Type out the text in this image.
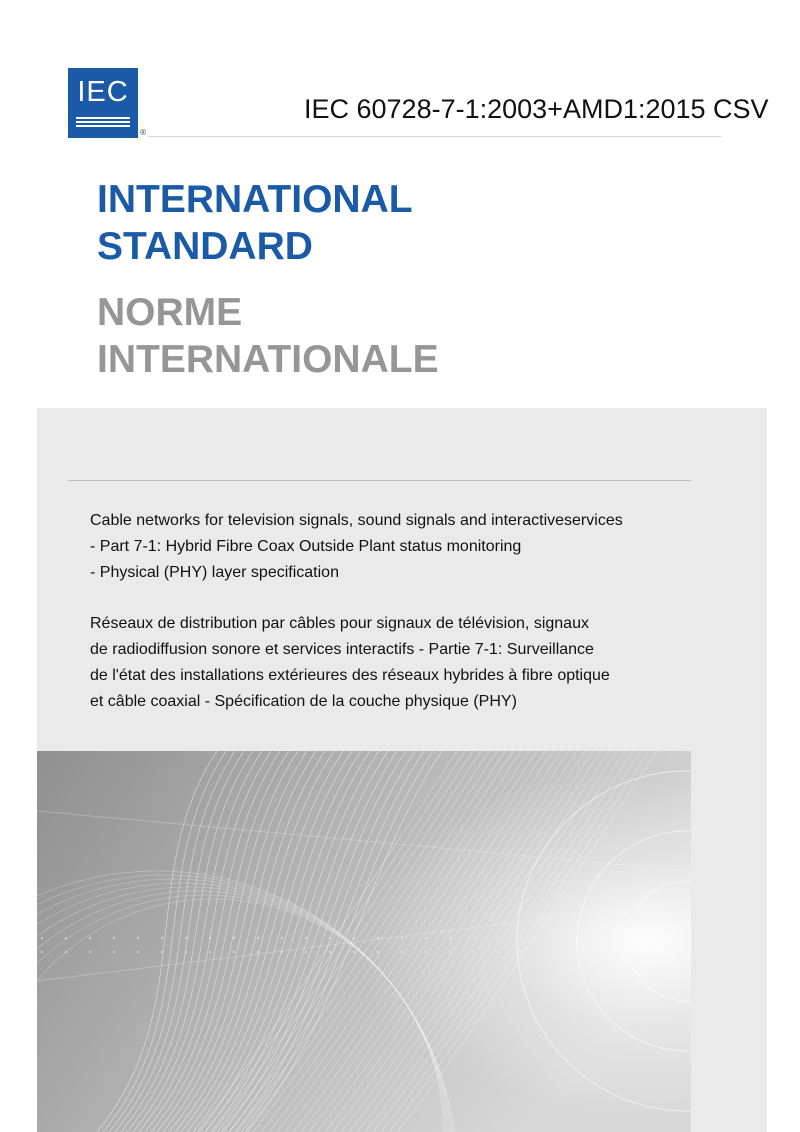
IEC
®
IEC 60728-7-1:2003+AMD1:2015 CSV
INTERNATIONAL
STANDARD
NORME
INTERNATIONALE
Cable networks for television signals, sound signals and interactiveservices
- Part 7-1: Hybrid Fibre Coax Outside Plant status monitoring
- Physical (PHY) layer specification
Réseaux de distribution par câbles pour signaux de télévision, signaux
de radiodiffusion sonore et services interactifs - Partie 7-1: Surveillance
de l'état des installations extérieures des réseaux hybrides à fibre optique
et câble coaxial - Spécification de la couche physique (PHY)
